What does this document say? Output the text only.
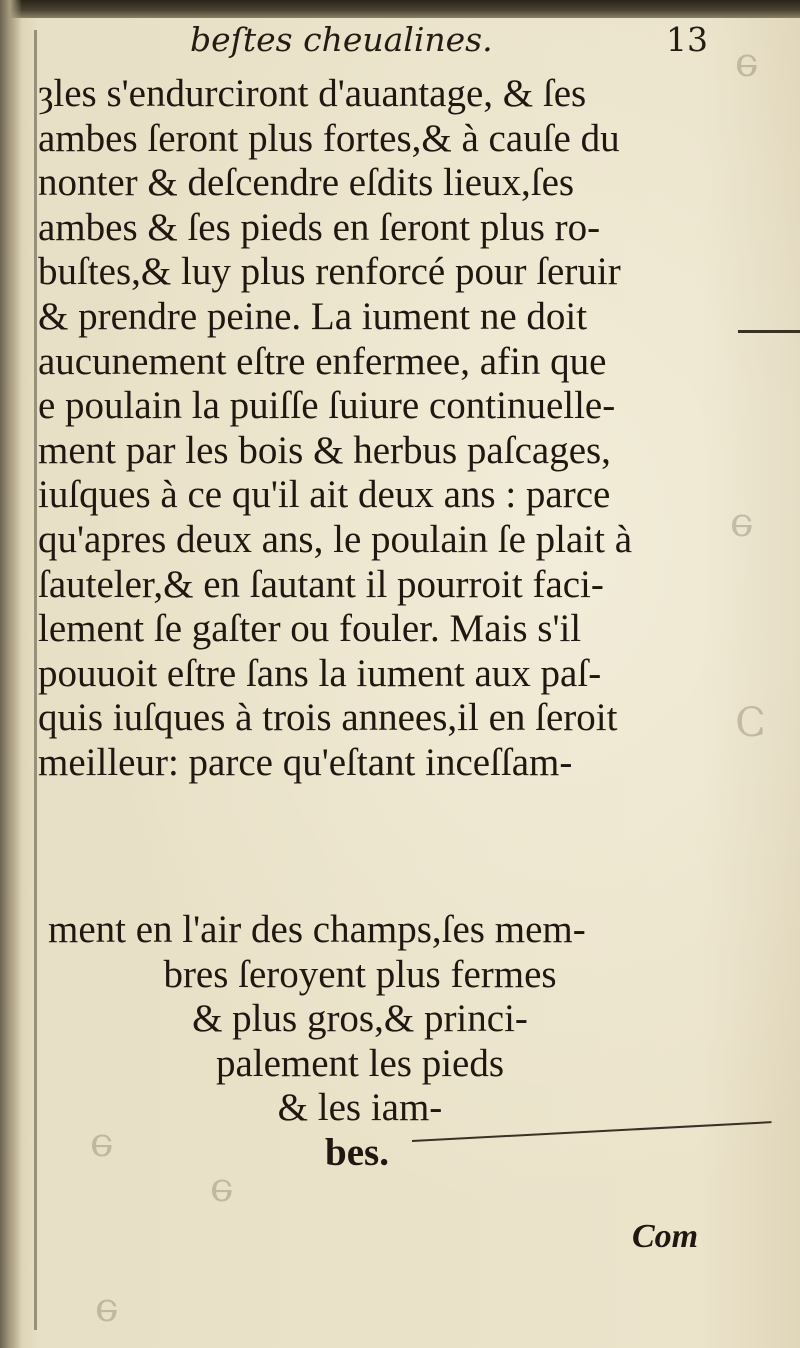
ǝ
ǝ
Ɔ
ǝ
ǝ
ǝ
beſtes cheualines.	13
ȝles s'endurciront d'auantage, & ſes
ambes ſeront plus fortes,& à cauſe du
nonter & deſcendre eſdits lieux,ſes
ambes & ſes pieds en ſeront plus ro-
buſtes,& luy plus renforcé pour ſeruir
& prendre peine. La iument ne doit
aucunement eſtre enfermee, afin que
e poulain la puiſſe ſuiure continuelle-
ment par les bois & herbus paſcages,
iuſques à ce qu'il ait deux ans : parce
qu'apres deux ans, le poulain ſe plait à
ſauteler,& en ſautant il pourroit faci-
lement ſe gaſter ou fouler. Mais s'il
pouuoit eſtre ſans la iument aux paſ-
quis iuſques à trois annees,il en ſeroit
meilleur: parce qu'eſtant inceſſam-
ment en l'air des champs,ſes mem-
bres ſeroyent plus fermes
& plus gros,& princi-
palement les pieds
& les iam-
bes.
Com
